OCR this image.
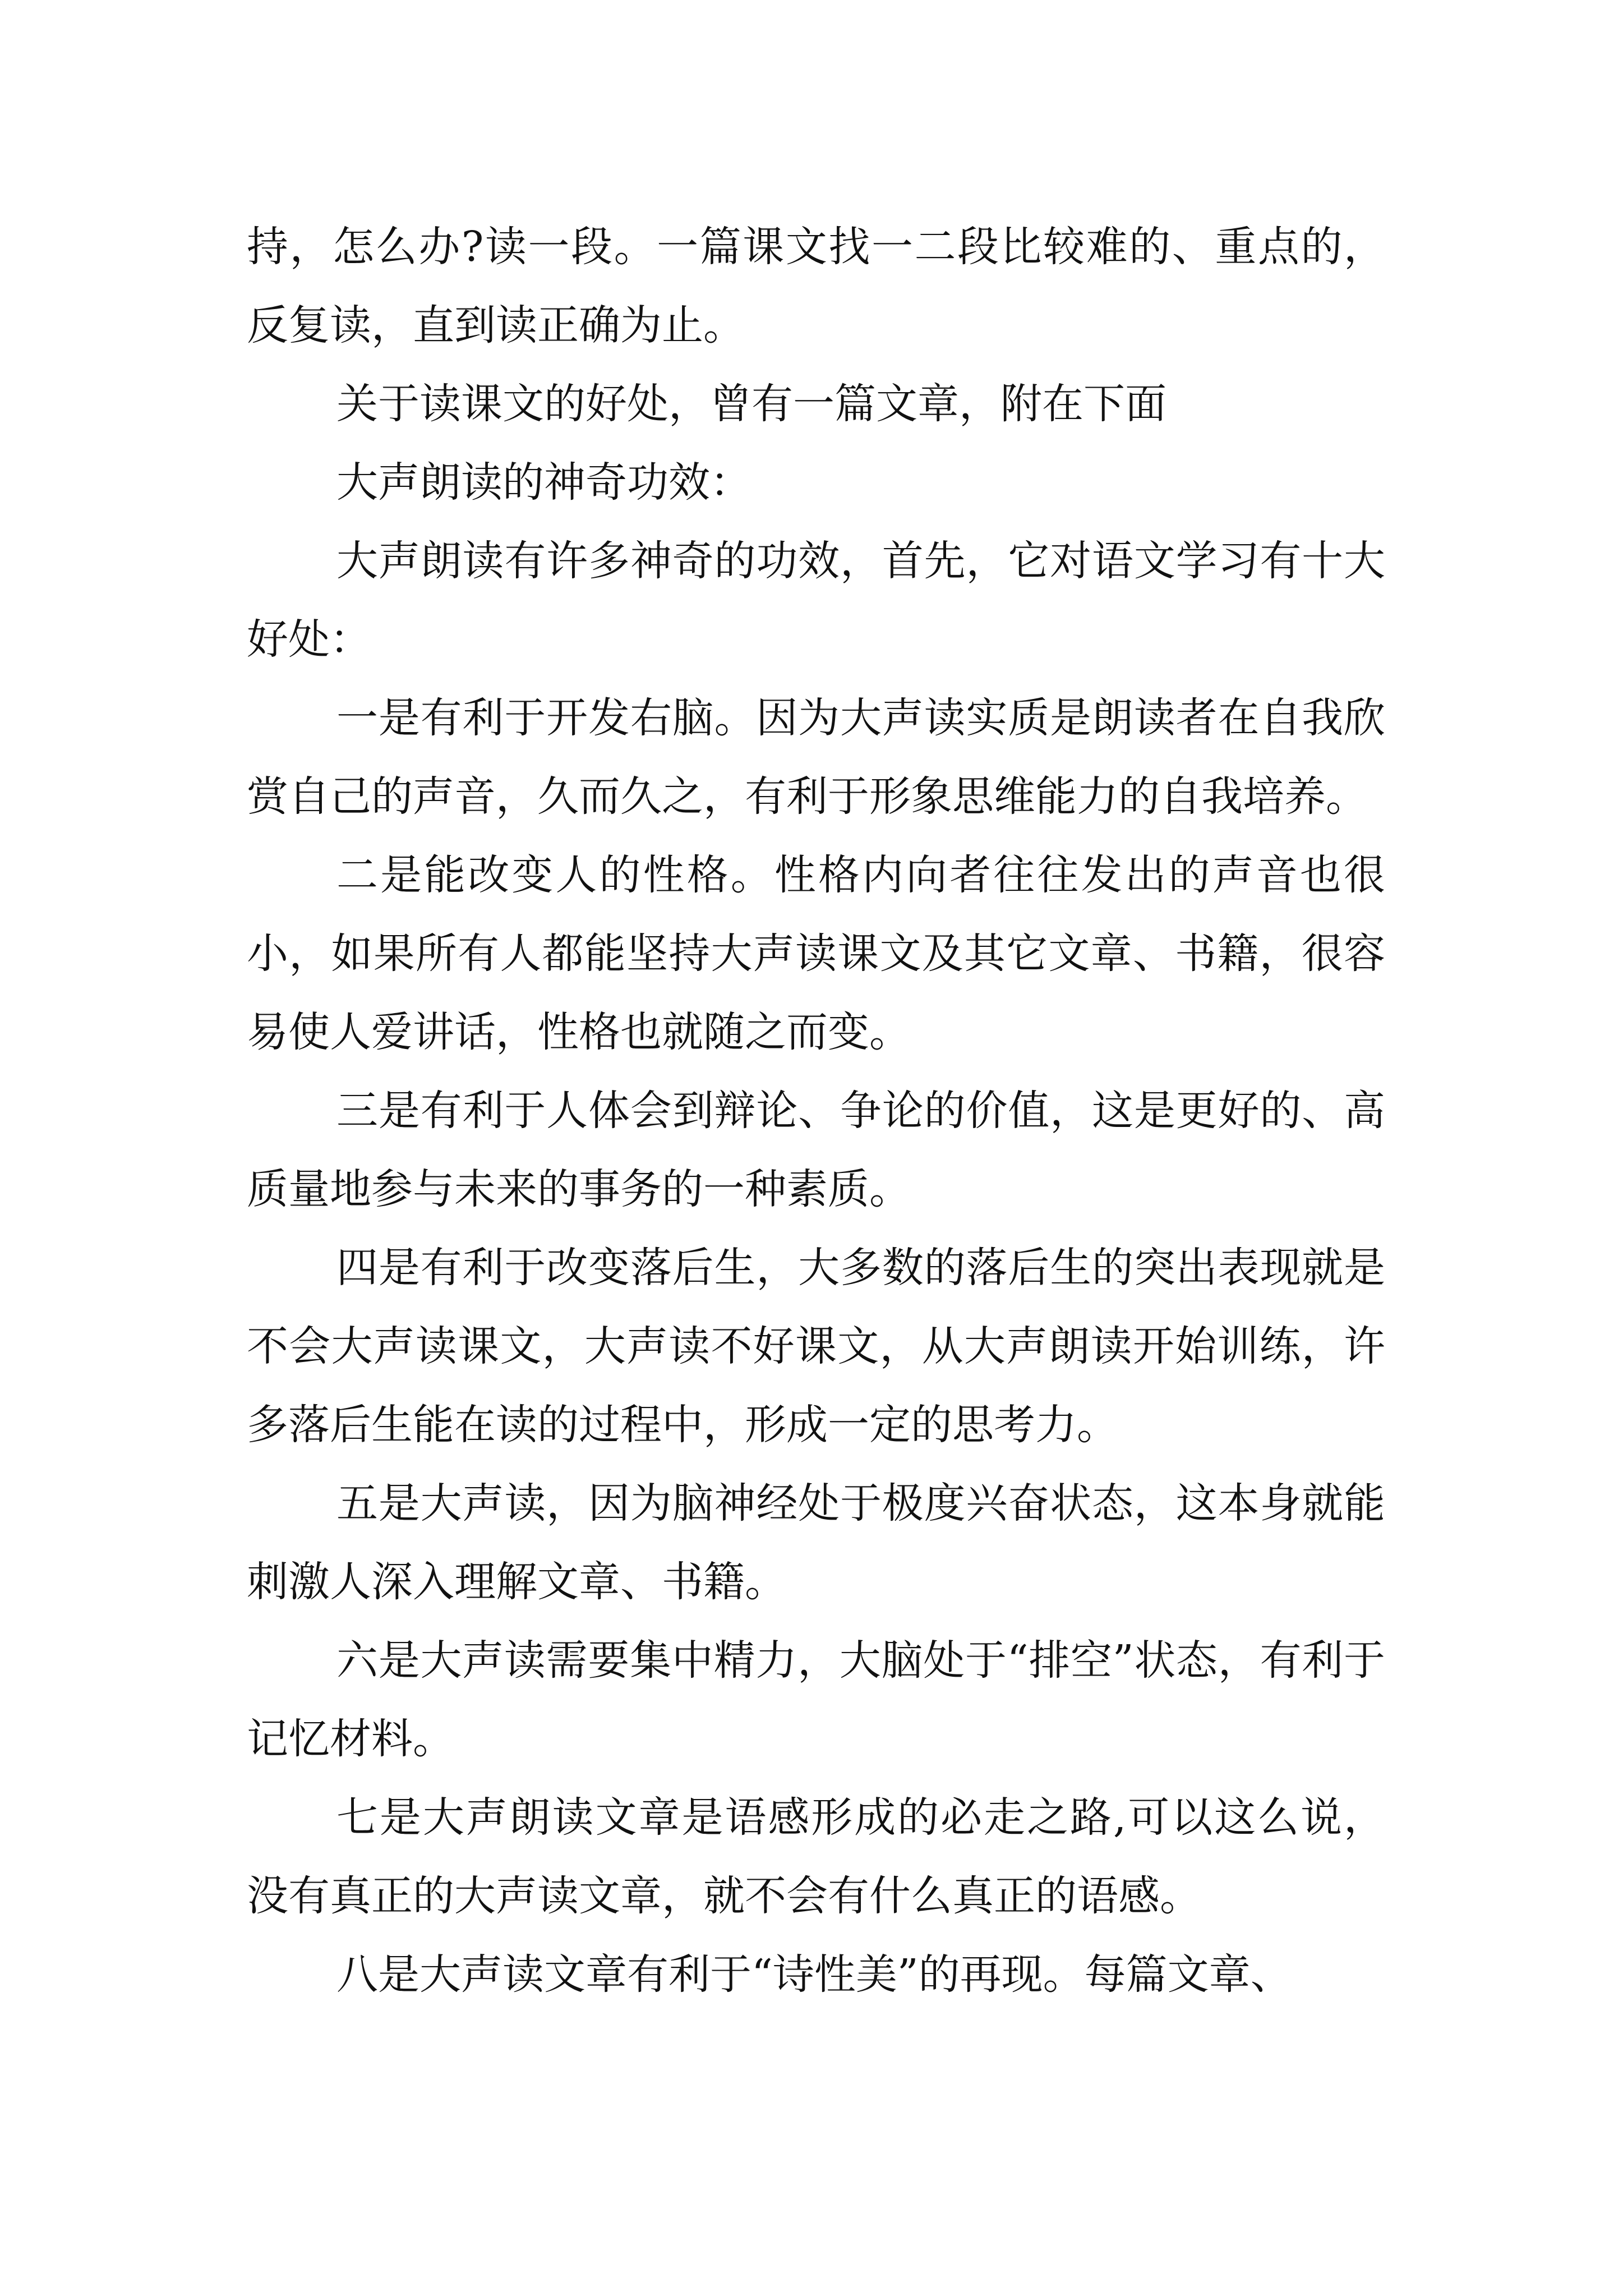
持，怎么办?读一段。一篇课文找一二段比较难的、重点的，反复读，直到读正确为止。

关于读课文的好处，曾有一篇文章，附在下面

大声朗读的神奇功效：

大声朗读有许多神奇的功效，首先，它对语文学习有十大好处：

一是有利于开发右脑。因为大声读实质是朗读者在自我欣赏自己的声音，久而久之，有利于形象思维能力的自我培养。

二是能改变人的性格。性格内向者往往发出的声音也很小，如果所有人都能坚持大声读课文及其它文章、书籍，很容易使人爱讲话，性格也就随之而变。

三是有利于人体会到辩论、争论的价值，这是更好的、高质量地参与未来的事务的一种素质。

四是有利于改变落后生，大多数的落后生的突出表现就是不会大声读课文，大声读不好课文，从大声朗读开始训练，许多落后生能在读的过程中，形成一定的思考力。

五是大声读，因为脑神经处于极度兴奋状态，这本身就能刺激人深入理解文章、书籍。

六是大声读需要集中精力，大脑处于“排空”状态，有利于记忆材料。

七是大声朗读文章是语感形成的必走之路,可以这么说，没有真正的大声读文章，就不会有什么真正的语感。

八是大声读文章有利于“诗性美”的再现。每篇文章、
